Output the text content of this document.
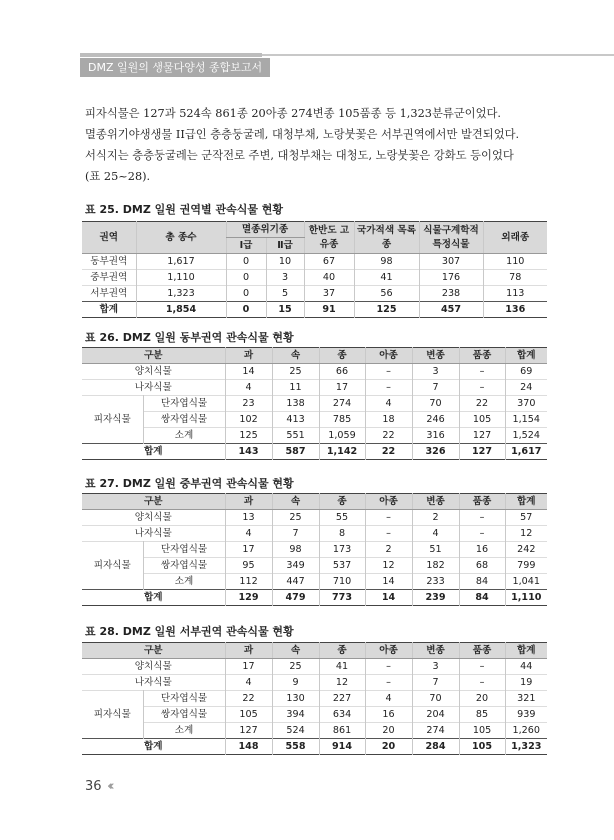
DMZ 일원의 생물다양성 종합보고서
피자식물은 127과 524속 861종 20아종 274변종 105품종 등 1,323분류군이었다.
멸종위기야생생물 II급인 층층둥굴레, 대청부채, 노랑붓꽃은 서부권역에서만 발견되었다.
서식지는 층층둥굴레는 군작전로 주변, 대청부채는 대청도, 노랑붓꽃은 강화도 등이었다
(표 25~28).
표 25. DMZ 일원 권역별 관속식물 현황
권역	총 종수	멸종위기종		한반도 고유종	국가적색 목록종	식물구계학적 특정식물	외래종
		Ⅰ급	Ⅱ급				
동부권역	1,617	0	10	67	98	307	110
중부권역	1,110	0	3	40	41	176	78
서부권역	1,323	0	5	37	56	238	113
합계	1,854	0	15	91	125	457	136
표 26. DMZ 일원 동부권역 관속식물 현황
구분		과	속	종	아종	변종	품종	합계
양치식물		14	25	66	–	3	–	69
나자식물		4	11	17	–	7	–	24
피자식물	단자엽식물	23	138	274	4	70	22	370
	쌍자엽식물	102	413	785	18	246	105	1,154
	소계	125	551	1,059	22	316	127	1,524
합계		143	587	1,142	22	326	127	1,617
표 27. DMZ 일원 중부권역 관속식물 현황
구분		과	속	종	아종	변종	품종	합계
양치식물		13	25	55	–	2	–	57
나자식물		4	7	8	–	4	–	12
피자식물	단자엽식물	17	98	173	2	51	16	242
	쌍자엽식물	95	349	537	12	182	68	799
	소계	112	447	710	14	233	84	1,041
합계		129	479	773	14	239	84	1,110
표 28. DMZ 일원 서부권역 관속식물 현황
구분		과	속	종	아종	변종	품종	합계
양치식물		17	25	41	–	3	–	44
나자식물		4	9	12	–	7	–	19
피자식물	단자엽식물	22	130	227	4	70	20	321
	쌍자엽식물	105	394	634	16	204	85	939
	소계	127	524	861	20	274	105	1,260
합계		148	558	914	20	284	105	1,323
36 ‹‹‹
